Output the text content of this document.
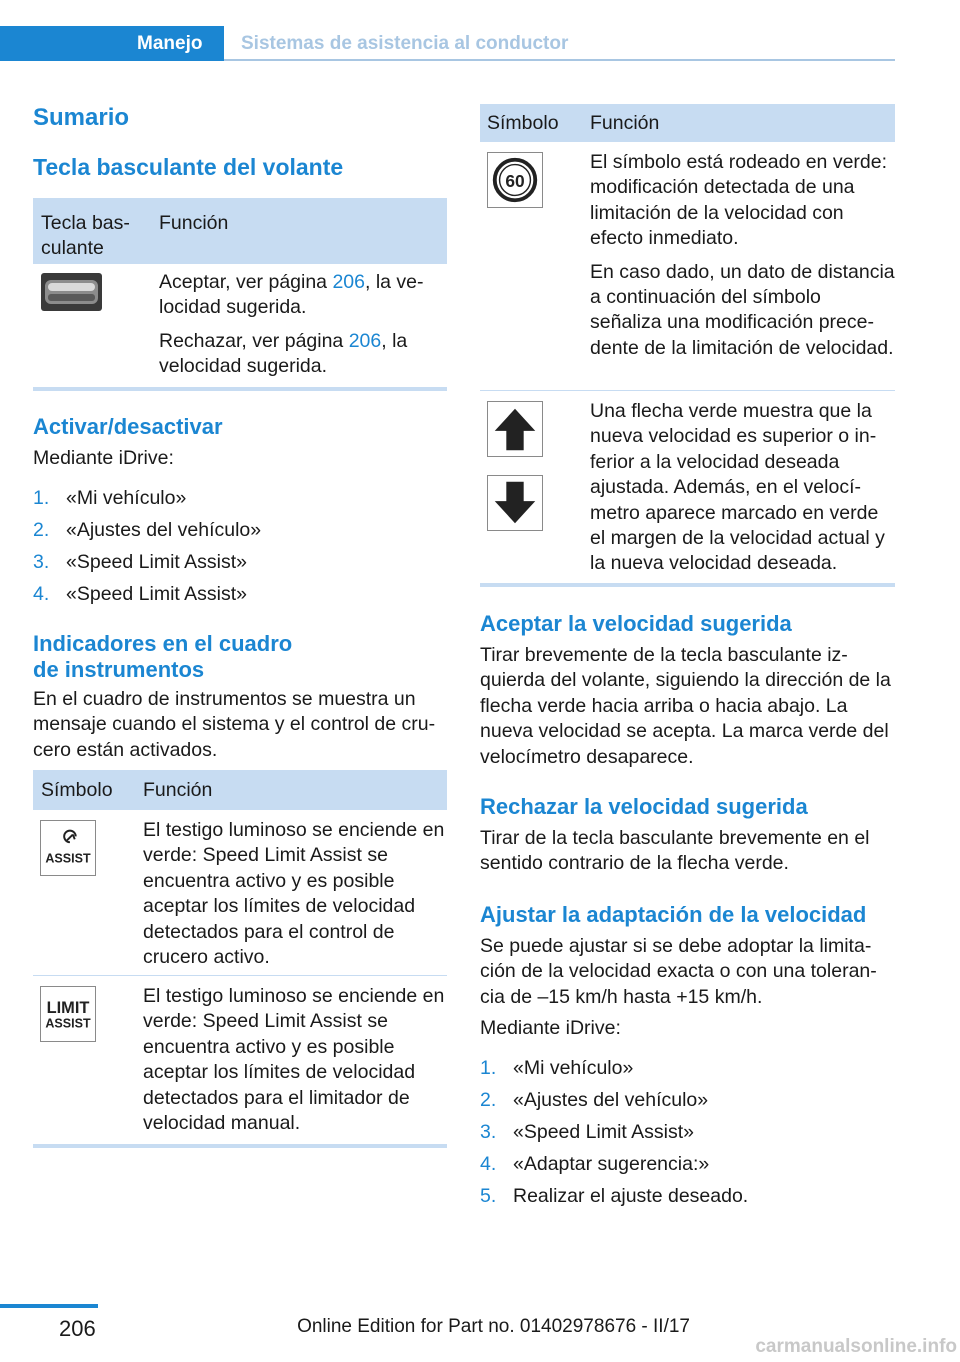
Manejo	Sistemas de asistencia al conductor
Sumario
Tecla basculante del volante
Tecla bas-
culante
Función

Aceptar, ver página 206, la ve-
locidad sugerida.

Rechazar, ver página 206, la
velocidad sugerida.

Activar/desactivar

Mediante iDrive:

1. «Mi vehículo»
2. «Ajustes del vehículo»
3. «Speed Limit Assist»
4. «Speed Limit Assist»
Indicadores en el cuadro
de instrumentos

En el cuadro de instrumentos se muestra un mensaje cuando el sistema y el control de crucero están activados.

Símbolo Función
ASSIST
El testigo luminoso se enciende en verde: Speed Limit Assist se encuentra activo y es posible aceptar los límites de velocidad detectados para el control de crucero activo.
LIMIT
ASSIST
El testigo luminoso se enciende en verde: Speed Limit Assist se encuentra activo y es posible aceptar los límites de velocidad detectados para el limitador de velocidad manual.
Símbolo Función
60

El símbolo está rodeado en verde: modificación detectada de una limitación de la velocidad con efecto inmediato.

En caso dado, un dato de distancia a continuación del símbolo señaliza una modificación precedente de la limitación de velocidad.

Una flecha verde muestra que la nueva velocidad es superior o inferior a la velocidad deseada ajustada. Además, en el velocímetro aparece marcado en verde el margen de la velocidad actual y la nueva velocidad deseada.

Aceptar la velocidad sugerida

Tirar brevemente de la tecla basculante izquierda del volante, siguiendo la dirección de la flecha verde hacia arriba o hacia abajo. La nueva velocidad se acepta. La marca verde del velocímetro desaparece.

Rechazar la velocidad sugerida

Tirar de la tecla basculante brevemente en el sentido contrario de la flecha verde.

Ajustar la adaptación de la velocidad

Se puede ajustar si se debe adoptar la limitación de la velocidad exacta o con una tolerancia de –15 km/h hasta +15 km/h.

Mediante iDrive:

1. «Mi vehículo»
2. «Ajustes del vehículo»
3. «Speed Limit Assist»
4. «Adaptar sugerencia:»
5. Realizar el ajuste deseado.
206	Online Edition for Part no. 01402978676 - II/17
carmanualsonline.info
